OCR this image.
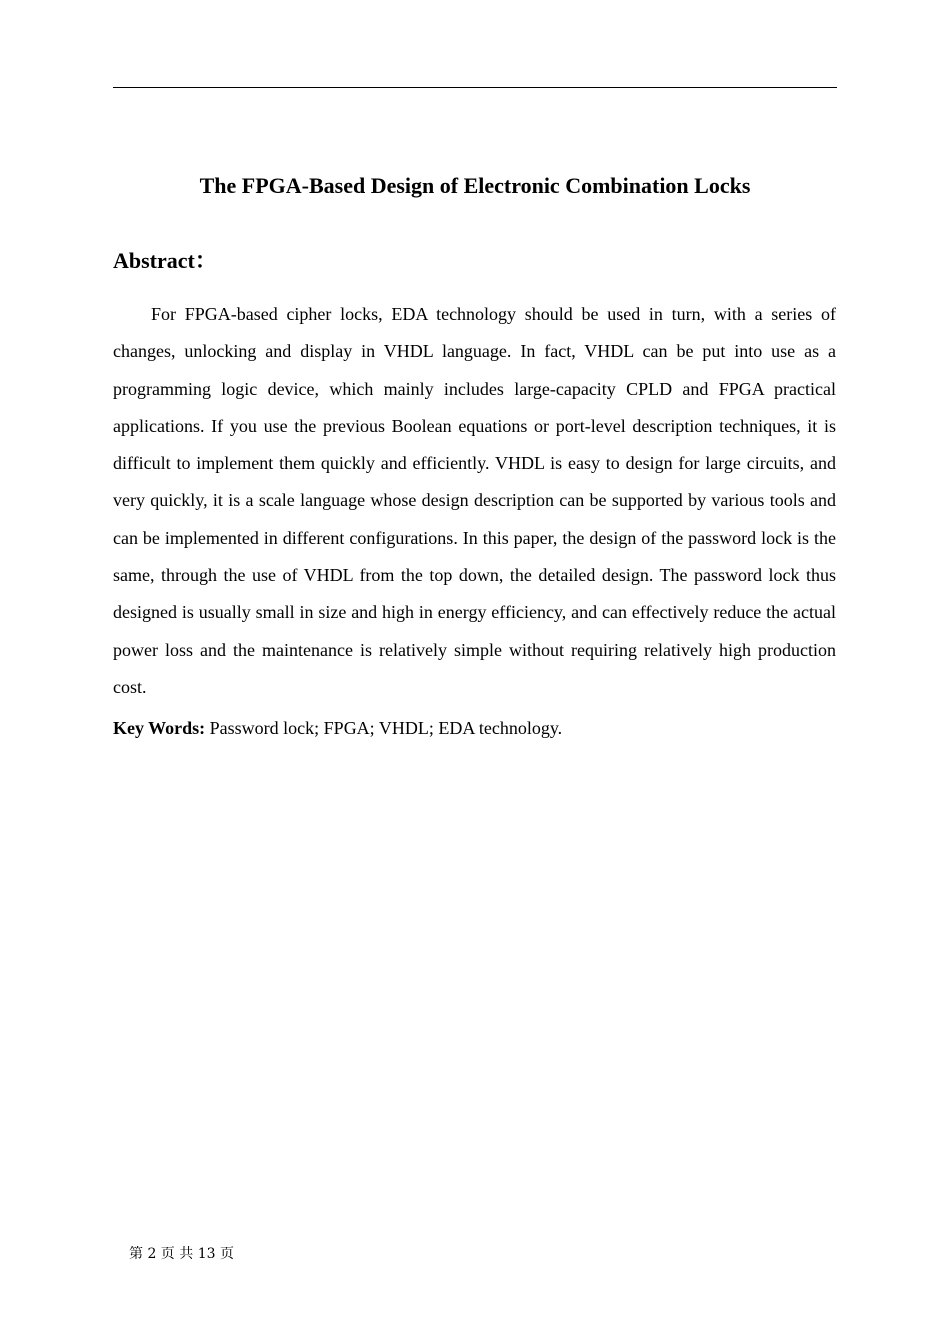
The FPGA-Based Design of Electronic Combination Locks
Abstract：

For FPGA-based cipher locks, EDA technology should be used in turn, with a series of changes, unlocking and display in VHDL language. In fact, VHDL can be put into use as a programming logic device, which mainly includes large-capacity CPLD and FPGA practical applications. If you use the previous Boolean equations or port-level description techniques, it is difficult to implement them quickly and efficiently. VHDL is easy to design for large circuits, and very quickly, it is a scale language whose design description can be supported by various tools and can be implemented in different configurations. In this paper, the design of the password lock is the same, through the use of VHDL from the top down, the detailed design. The password lock thus designed is usually small in size and high in energy efficiency, and can effectively reduce the actual power loss and the maintenance is relatively simple without requiring relatively high production cost.

Key Words: Password lock; FPGA; VHDL; EDA technology.

第 2 页 共 13 页
